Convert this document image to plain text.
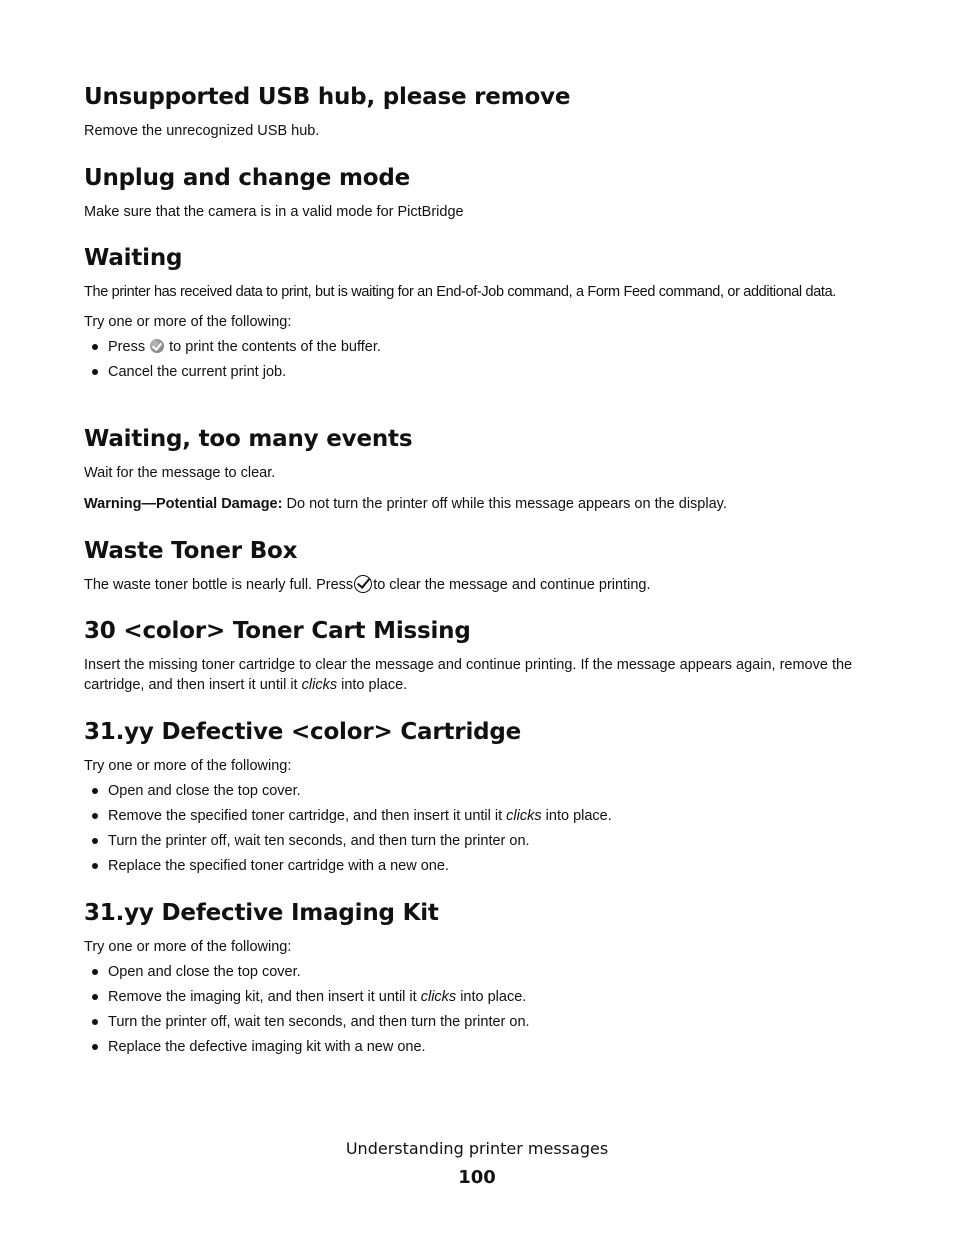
Unsupported USB hub, please remove

Remove the unrecognized USB hub.

Unplug and change mode

Make sure that the camera is in a valid mode for PictBridge

Waiting

The printer has received data to print, but is waiting for an End-of-Job command, a Form Feed command, or additional data.

Try one or more of the following:

Press to print the contents of the buffer.
Cancel the current print job.
Waiting, too many events

Wait for the message to clear.

Warning—Potential Damage: Do not turn the printer off while this message appears on the display.

Waste Toner Box

The waste toner bottle is nearly full. Press to clear the message and continue printing.

30 <color> Toner Cart Missing

Insert the missing toner cartridge to clear the message and continue printing. If the message appears again, remove the cartridge, and then insert it until it clicks into place.

31.yy Defective <color> Cartridge

Try one or more of the following:

Open and close the top cover.
Remove the specified toner cartridge, and then insert it until it clicks into place.
Turn the printer off, wait ten seconds, and then turn the printer on.
Replace the specified toner cartridge with a new one.
31.yy Defective Imaging Kit

Try one or more of the following:

Open and close the top cover.
Remove the imaging kit, and then insert it until it clicks into place.
Turn the printer off, wait ten seconds, and then turn the printer on.
Replace the defective imaging kit with a new one.
Understanding printer messages
100
